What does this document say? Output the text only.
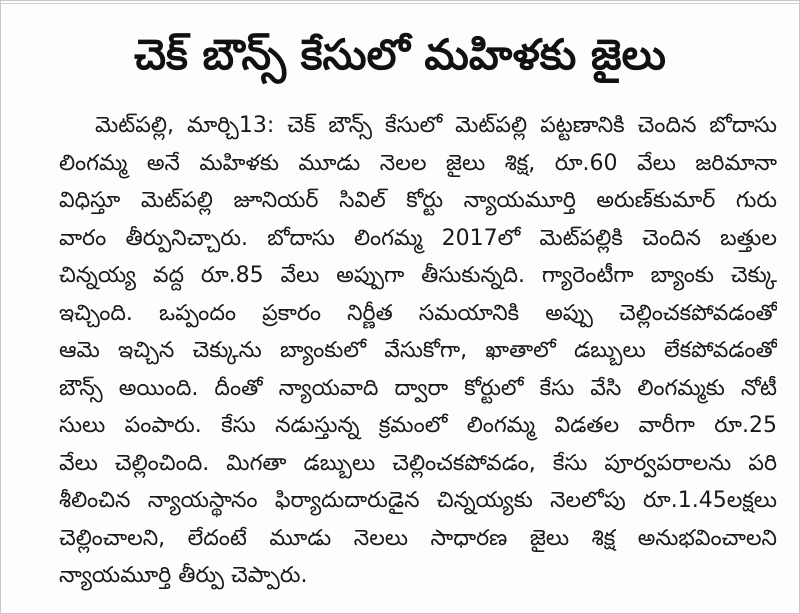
చెక్ బౌన్స్ కేసులో మహిళకు జైలు
మెట్‌పల్లి, మార్చి13: చెక్ బౌన్స్ కేసులో మెట్‌పల్లి పట్టణానికి చెందిన బోదాసు
లింగమ్మ అనే మహిళకు మూడు నెలల జైలు శిక్ష, రూ.60 వేలు జరిమానా
విధిస్తూ మెట్‌పల్లి జూనియర్ సివిల్ కోర్టు న్యాయమూర్తి అరుణ్‌కుమార్ గురు
వారం తీర్పునిచ్చారు. బోదాసు లింగమ్మ 2017లో మెట్‌పల్లికి చెందిన బత్తుల
చిన్నయ్య వద్ద రూ.85 వేలు అప్పుగా తీసుకున్నది. గ్యారెంటీగా బ్యాంకు చెక్కు
ఇచ్చింది. ఒప్పందం ప్రకారం నిర్ణీత సమయానికి అప్పు చెల్లించకపోవడంతో
ఆమె ఇచ్చిన చెక్కును బ్యాంకులో వేసుకోగా, ఖాతాలో డబ్బులు లేకపోవడంతో
బౌన్స్ అయింది. దీంతో న్యాయవాది ద్వారా కోర్టులో కేసు వేసి లింగమ్మకు నోటీ
సులు పంపారు. కేసు నడుస్తున్న క్రమంలో లింగమ్మ విడతల వారీగా రూ.25
వేలు చెల్లించింది. మిగతా డబ్బులు చెల్లించకపోవడం, కేసు పూర్వపరాలను పరి
శీలించిన న్యాయస్థానం ఫిర్యాదుదారుడైన చిన్నయ్యకు నెలలోపు రూ.1.45లక్షలు
చెల్లించాలని, లేదంటే మూడు నెలలు సాధారణ జైలు శిక్ష అనుభవించాలని
న్యాయమూర్తి తీర్పు చెప్పారు.
